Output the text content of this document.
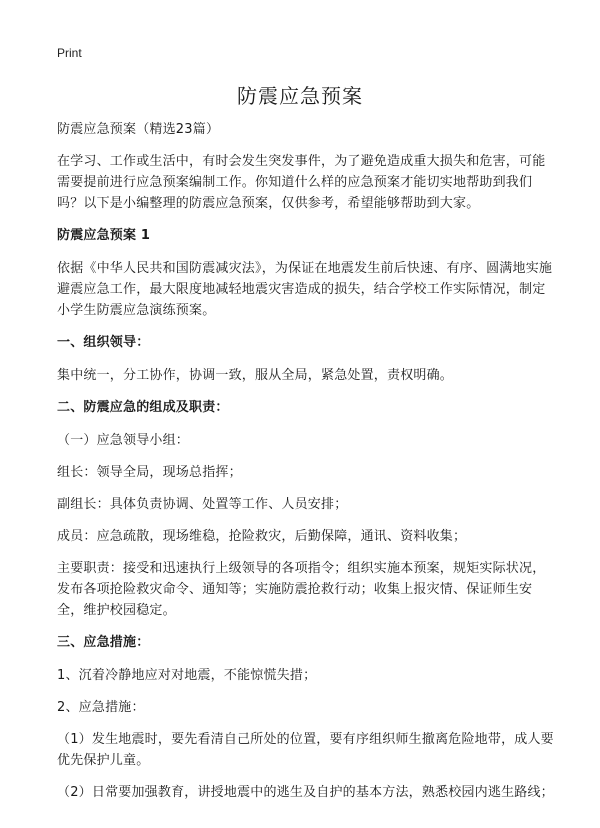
Print
防震应急预案

防震应急预案（精选23篇）

在学习、工作或生活中，有时会发生突发事件，为了避免造成重大损失和危害，可能需要提前进行应急预案编制工作。你知道什么样的应急预案才能切实地帮助到我们吗？以下是小编整理的防震应急预案，仅供参考，希望能够帮助到大家。

防震应急预案 1

依据《中华人民共和国防震减灾法》，为保证在地震发生前后快速、有序、圆满地实施避震应急工作，最大限度地减轻地震灾害造成的损失，结合学校工作实际情况，制定小学生防震应急演练预案。

一、组织领导：

集中统一，分工协作，协调一致，服从全局，紧急处置，责权明确。

二、防震应急的组成及职责：

（一）应急领导小组：

组长：领导全局，现场总指挥；

副组长：具体负责协调、处置等工作、人员安排；

成员：应急疏散，现场维稳，抢险救灾，后勤保障，通讯、资料收集；

主要职责：接受和迅速执行上级领导的各项指令；组织实施本预案，规矩实际状况，发布各项抢险救灾命令、通知等；实施防震抢救行动；收集上报灾情、保证师生安全，维护校园稳定。

三、应急措施：

1、沉着冷静地应对对地震，不能惊慌失措；

2、应急措施：

（1）发生地震时，要先看清自己所处的位置，要有序组织师生撤离危险地带，成人要优先保护儿童。

（2）日常要加强教育，讲授地震中的逃生及自护的基本方法，熟悉校园内逃生路线；
